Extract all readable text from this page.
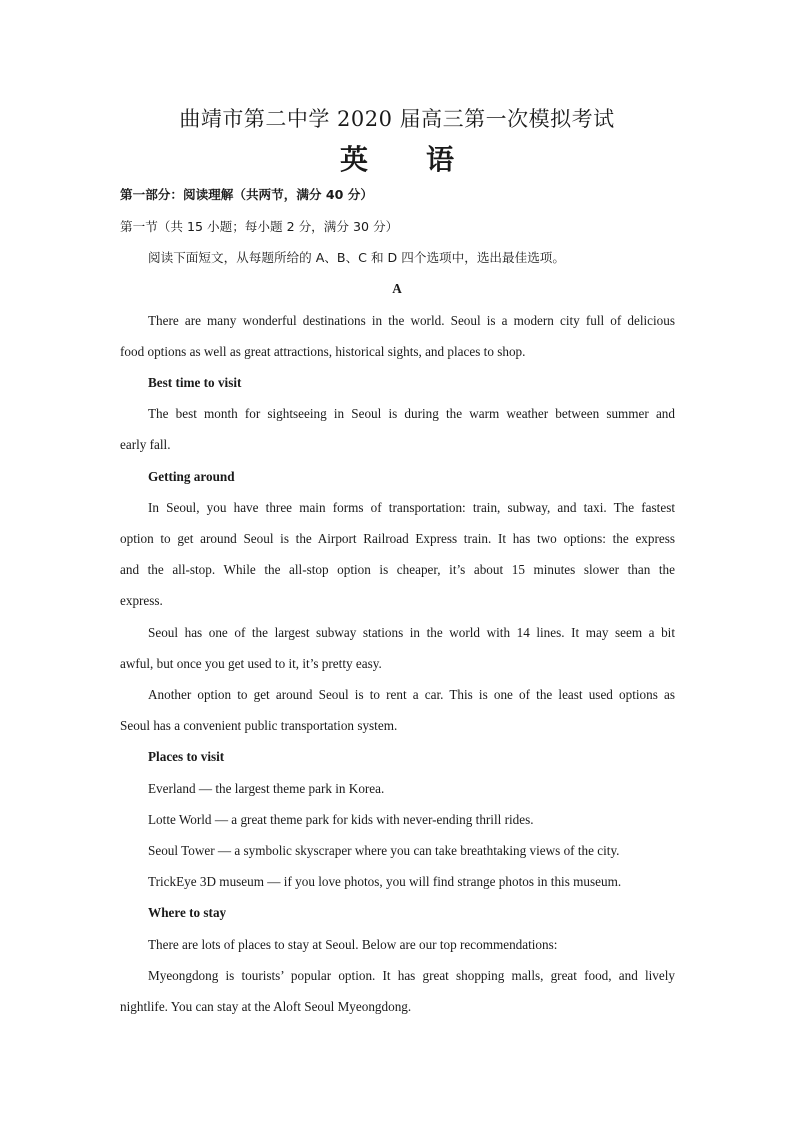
曲靖市第二中学 2020 届高三第一次模拟考试
英 语
第一部分：阅读理解（共两节，满分 40 分）
第一节（共 15 小题；每小题 2 分，满分 30 分）
阅读下面短文，从每题所给的 A、B、C 和 D 四个选项中，选出最佳选项。
A
There are many wonderful destinations in the world. Seoul is a modern city full of delicious
food options as well as great attractions, historical sights, and places to shop.
Best time to visit
The best month for sightseeing in Seoul is during the warm weather between summer and
early fall.
Getting around
In Seoul, you have three main forms of transportation: train, subway, and taxi. The fastest
option to get around Seoul is the Airport Railroad Express train. It has two options: the express
and the all-stop. While the all-stop option is cheaper, it’s about 15 minutes slower than the
express.
Seoul has one of the largest subway stations in the world with 14 lines. It may seem a bit
awful, but once you get used to it, it’s pretty easy.
Another option to get around Seoul is to rent a car. This is one of the least used options as
Seoul has a convenient public transportation system.
Places to visit
Everland — the largest theme park in Korea.
Lotte World — a great theme park for kids with never-ending thrill rides.
Seoul Tower — a symbolic skyscraper where you can take breathtaking views of the city.
TrickEye 3D museum — if you love photos, you will find strange photos in this museum.
Where to stay
There are lots of places to stay at Seoul. Below are our top recommendations:
Myeongdong is tourists’ popular option. It has great shopping malls, great food, and lively
nightlife. You can stay at the Aloft Seoul Myeongdong.
